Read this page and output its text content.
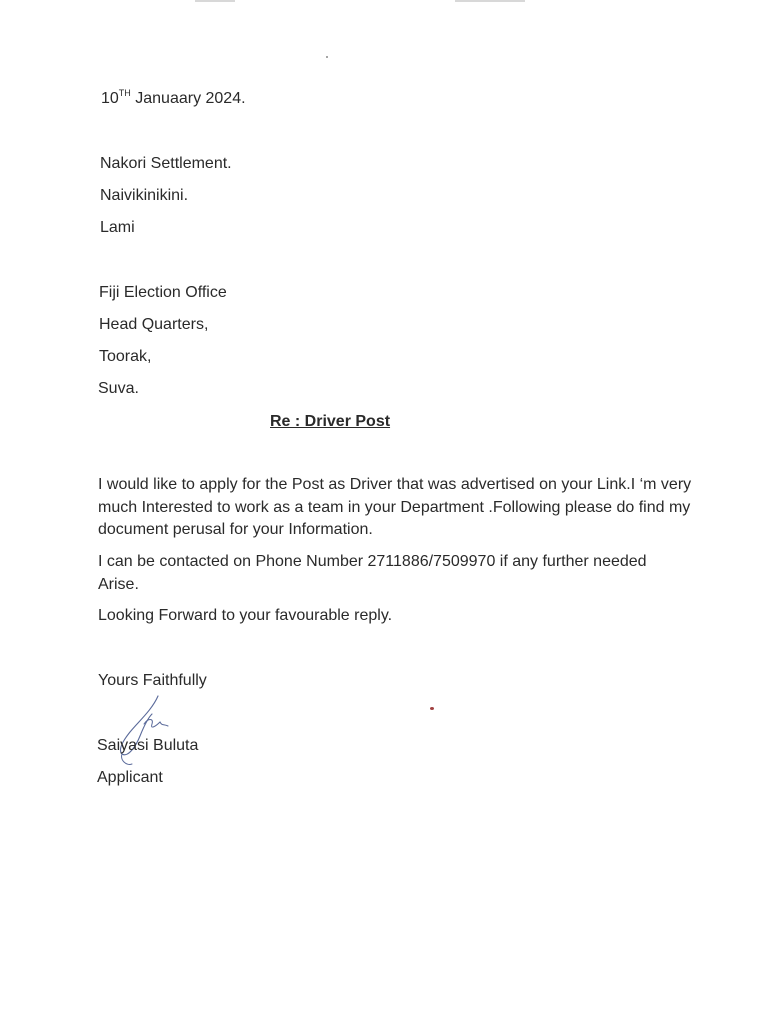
10TH Januaary 2024.
Nakori Settlement.
Naivikinikini.
Lami
Fiji Election Office
Head Quarters,
Toorak,
Suva.
Re : Driver Post
I would like to apply for the Post as Driver that was advertised on your Link.I ‘m very much Interested to work as a team in your Department .Following please do find my document perusal for your Information.
I can be contacted on Phone Number 2711886/7509970 if any further needed Arise.
Looking Forward to your favourable reply.
Yours Faithfully
Saiyasi Buluta
Applicant
